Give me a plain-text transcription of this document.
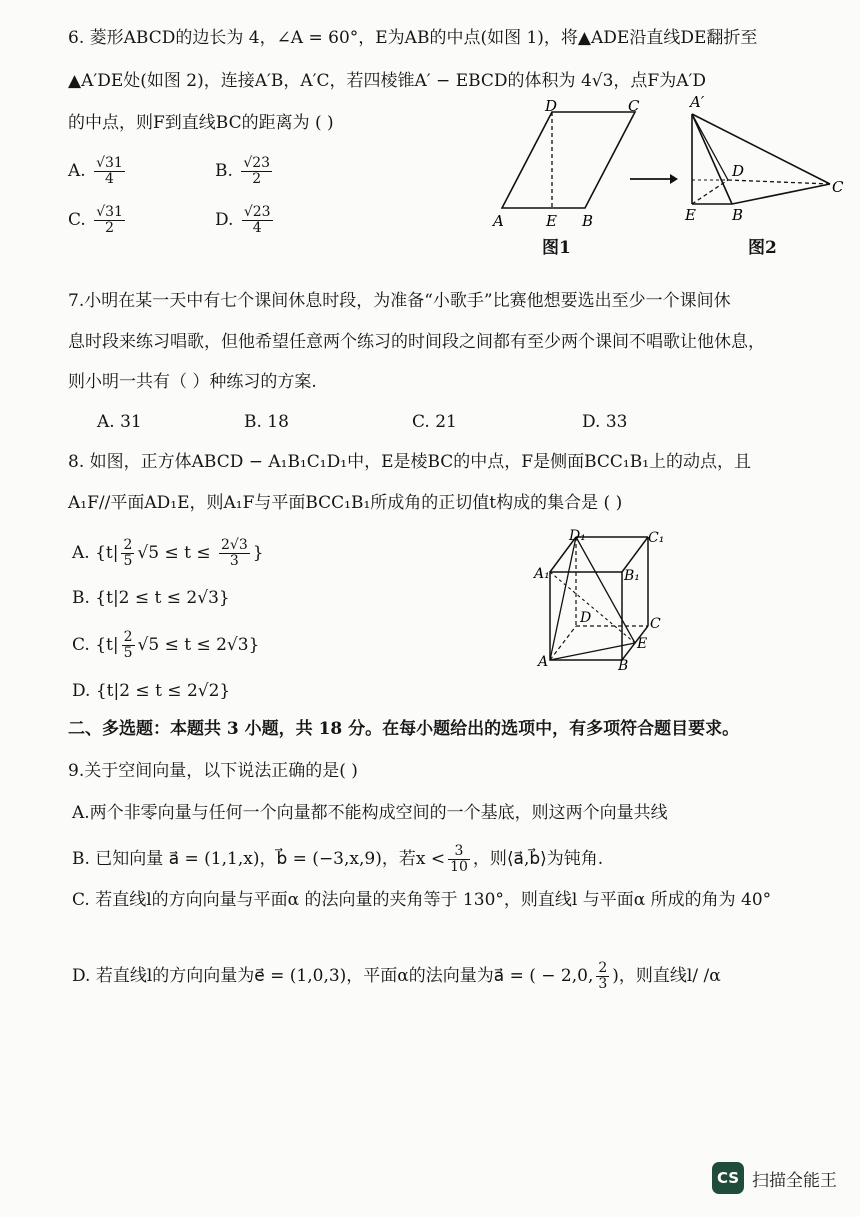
6. 菱形ABCD的边长为 4，∠A = 60°，E为AB的中点(如图 1)，将▲ADE沿直线DE翻折至
▲A′DE处(如图 2)，连接A′B，A′C，若四棱锥A′ − EBCD的体积为 4√3，点F为A′D
的中点，则F到直线BC的距离为 ( )
A. $\frac{√31}{4}$	B. $\frac{√23}{2}$
C. $\frac{√31}{2}$	D. $\frac{√23}{4}$	A	E B
D	C
图1
A′
D
C
E B
图2
7.小明在某一天中有七个课间休息时段，为准备“小歌手”比赛他想要选出至少一个课间休
息时段来练习唱歌，但他希望任意两个练习的时间段之间都有至少两个课间不唱歌让他休息，
则小明一共有（ ）种练习的方案.
A. 31	B. 18	C. 21	D. 33
8. 如图，正方体ABCD − A₁B₁C₁D₁中，E是棱BC的中点，F是侧面BCC₁B₁上的动点，且
A₁F//平面AD₁E，则A₁F与平面BCC₁B₁所成角的正切值t构成的集合是 ( )
A. {$t| \frac{2}{5} √5 \le t \le \frac{2√3}{3}$ }
B. {t|2 ≤ t ≤ 2√3}
C. $\{t| \frac{2}{5} √5 \le t \le 2√3\}$
D. {t|2 ≤ t ≤ 2√2}
D₁	C₁
A₁	B₁
D	C
E
A	B
二、多选题：本题共 3 小题，共 18 分。在每小题给出的选项中，有多项符合题目要求。
9.关于空间向量，以下说法正确的是( )
A.两个非零向量与任何一个向量都不能构成空间的一个基底，则这两个向量共线
B. 已知向量 a⃗ = (1,1,x)，b⃗ = (−3,x,9)，若$x < \frac{3}{10}$ ，则⟨a⃗,b⃗⟩为钝角.
C. 若直线l的方向向量与平面α 的法向量的夹角等于 130°，则直线l 与平面α 所成的角为 40°
D. 若直线l的方向向量为e⃗ = (1,0,3)，平面α的法向量为a⃗ = ( − 2,0, $\frac{2}{3}$ )，则直线l/ /α
CS 扫描全能王
